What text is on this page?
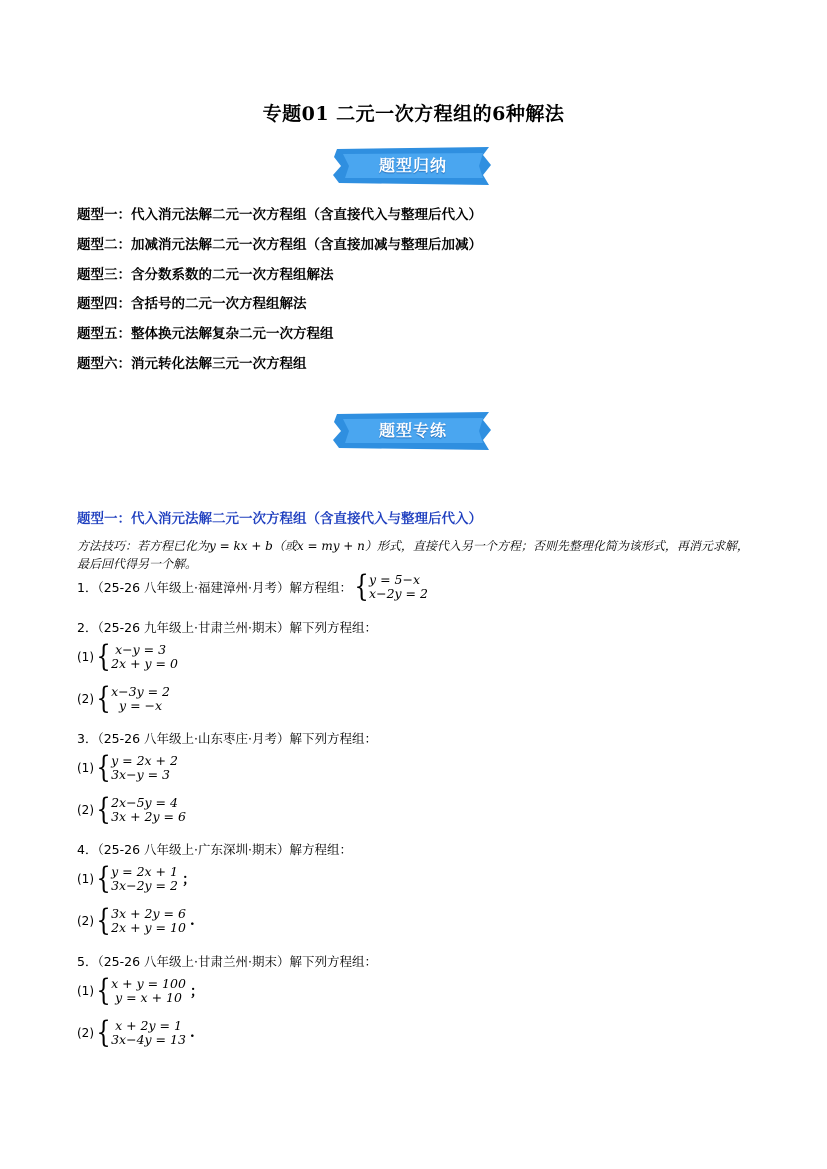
专题01 二元一次方程组的6种解法
题型归纳
题型一：代入消元法解二元一次方程组（含直接代入与整理后代入）
题型二：加减消元法解二元一次方程组（含直接加减与整理后加减）
题型三：含分数系数的二元一次方程组解法
题型四：含括号的二元一次方程组解法
题型五：整体换元法解复杂二元一次方程组
题型六：消元转化法解三元一次方程组
题型专练
题型一：代入消元法解二元一次方程组（含直接代入与整理后代入）
方法技巧：若方程已化为y = kx + b（或x = my + n）形式，直接代入另一个方程；否则先整理化简为该形式，再消元求解，最后回代得另一个解。
1．（25-26 八年级上·福建漳州·月考）解方程组： { y = 5−x
x−2y = 2
2．（25-26 九年级上·甘肃兰州·期末）解下列方程组：
(1) { x−y = 3
2x + y = 0
(2) { x−3y = 2
y = −x
3．（25-26 八年级上·山东枣庄·月考）解下列方程组：
(1) { y = 2x + 2
3x−y = 3
(2) { 2x−5y = 4
3x + 2y = 6
4．（25-26 八年级上·广东深圳·期末）解方程组：
(1) { y = 2x + 1
3x−2y = 2 ；
(2) { 3x + 2y = 6
2x + y = 10 .
5．（25-26 八年级上·甘肃兰州·期末）解下列方程组：
(1) { x + y = 100
y = x + 10 ；
(2) { x + 2y = 1
3x−4y = 13 .
